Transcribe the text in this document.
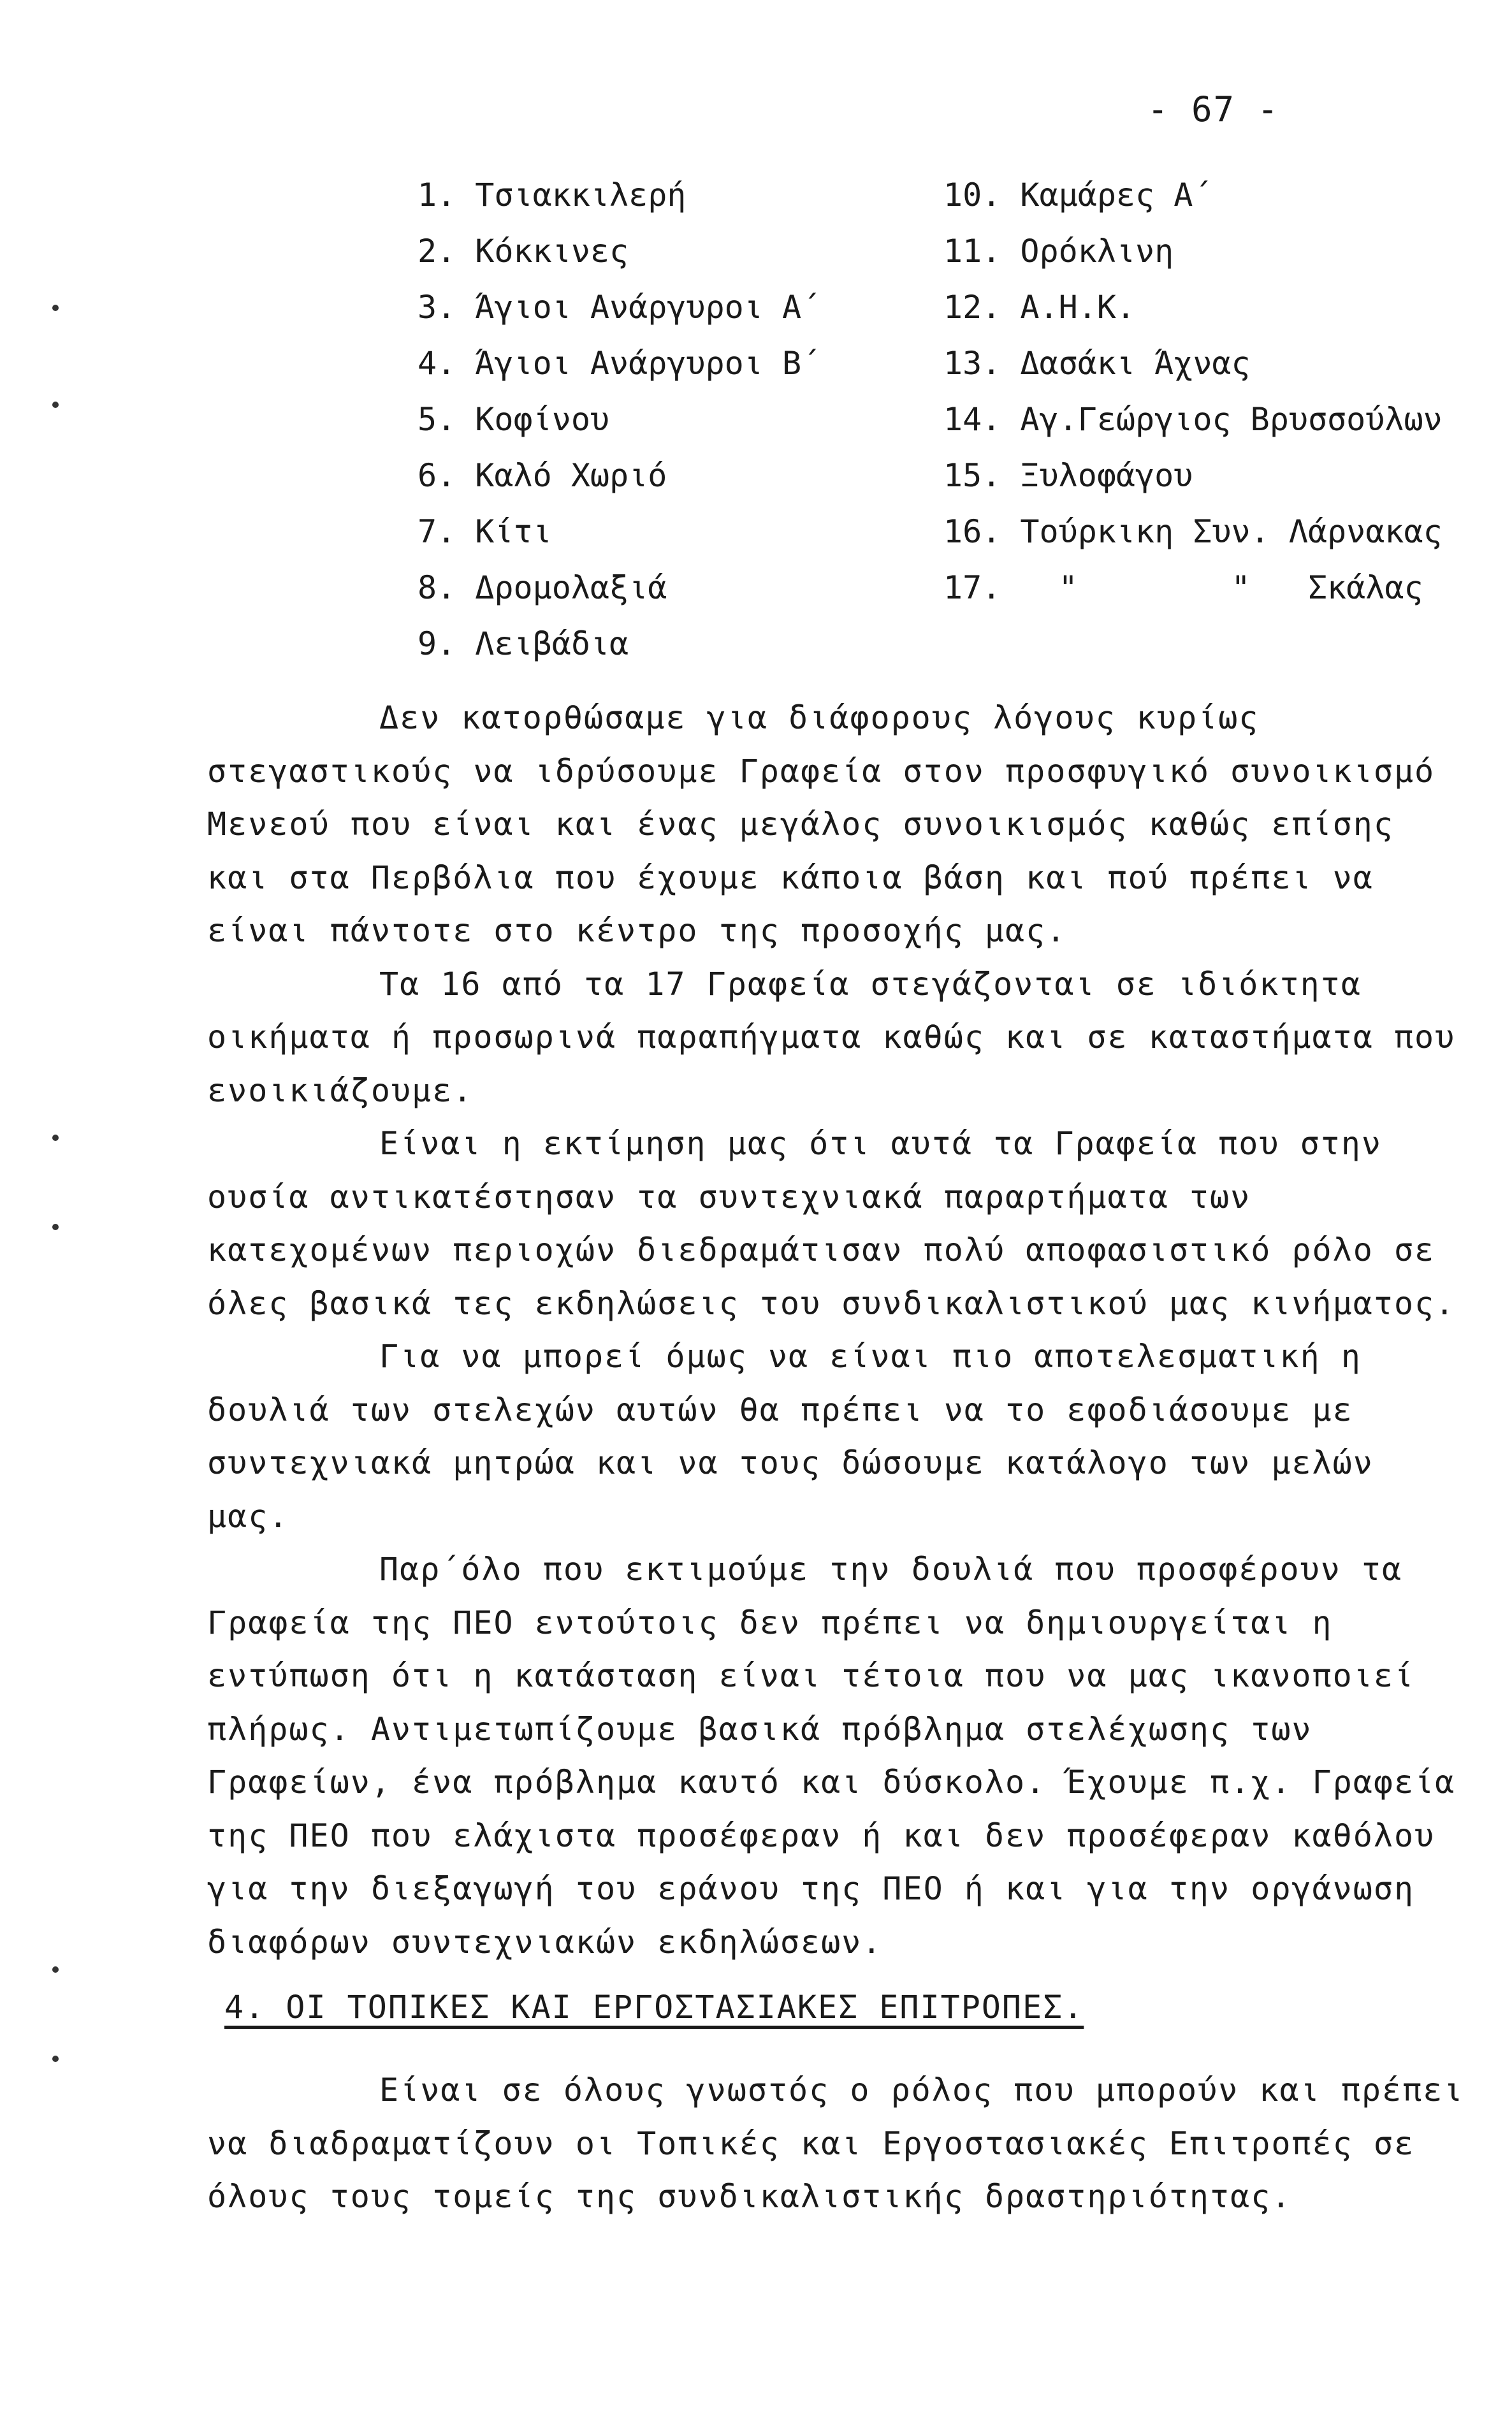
- 67 -
1. Τσιακκιλερή
2. Κόκκινες
3. Άγιοι Ανάργυροι Α΄
4. Άγιοι Ανάργυροι Β΄
5. Κοφίνου
6. Καλό Χωριό
7. Κίτι
8. Δρομολαξιά
9. Λειβάδια
10. Καμάρες Α΄
11. Ορόκλινη
12. Α.Η.Κ.
13. Δασάκι Άχνας
14. Αγ.Γεώργιος Βρυσσούλων
15. Ξυλοφάγου
16. Τούρκικη Συν. Λάρνακας
17.   "        "   Σκάλας

Δεν κατορθώσαμε για διάφορους λόγους κυρίως στεγαστικούς να ιδρύσουμε Γραφεία στον προσφυγικό συνοικισμό Μενεού που είναι και ένας μεγάλος συνοικισμός καθώς επίσης και στα Περβόλια που έχουμε κάποια βάση και πού πρέπει να είναι πάντοτε στο κέντρο της προσοχής μας.

Τα 16 από τα 17 Γραφεία στεγάζονται σε ιδιόκτητα οικήματα ή προσωρινά παραπήγματα καθώς και σε καταστήματα που ενοικιάζουμε.

Είναι η εκτίμηση μας ότι αυτά τα Γραφεία που στην ουσία αντικατέστησαν τα συντεχνιακά παραρτήματα των κατεχομένων περιοχών διεδραμάτισαν πολύ αποφασιστικό ρόλο σε όλες βασικά τες εκδηλώσεις του συνδικαλιστικού μας κινήματος.

Για να μπορεί όμως να είναι πιο αποτελεσματική η δουλιά των στελεχών αυτών θα πρέπει να το εφοδιάσουμε με συντεχνιακά μητρώα και να τους δώσουμε κατάλογο των μελών μας.

Παρ΄όλο που εκτιμούμε την δουλιά που προσφέρουν τα Γραφεία της ΠΕΟ εντούτοις δεν πρέπει να δημιουργείται η εντύπωση ότι η κατάσταση είναι τέτοια που να μας ικανοποιεί πλήρως. Αντιμετωπίζουμε βασικά πρόβλημα στελέχωσης των Γραφείων, ένα πρόβλημα καυτό και δύσκολο. Έχουμε π.χ. Γραφεία της ΠΕΟ που ελάχιστα προσέφεραν ή και δεν προσέφεραν καθόλου για την διεξαγωγή του εράνου της ΠΕΟ ή και για την οργάνωση διαφόρων συντεχνιακών εκδηλώσεων.

4. ΟΙ ΤΟΠΙΚΕΣ ΚΑΙ ΕΡΓΟΣΤΑΣΙΑΚΕΣ ΕΠΙΤΡΟΠΕΣ.

Είναι σε όλους γνωστός ο ρόλος που μπορούν και πρέπει να διαδραματίζουν οι Τοπικές και Εργοστασιακές Επιτροπές σε όλους τους τομείς της συνδικαλιστικής δραστηριότητας.
